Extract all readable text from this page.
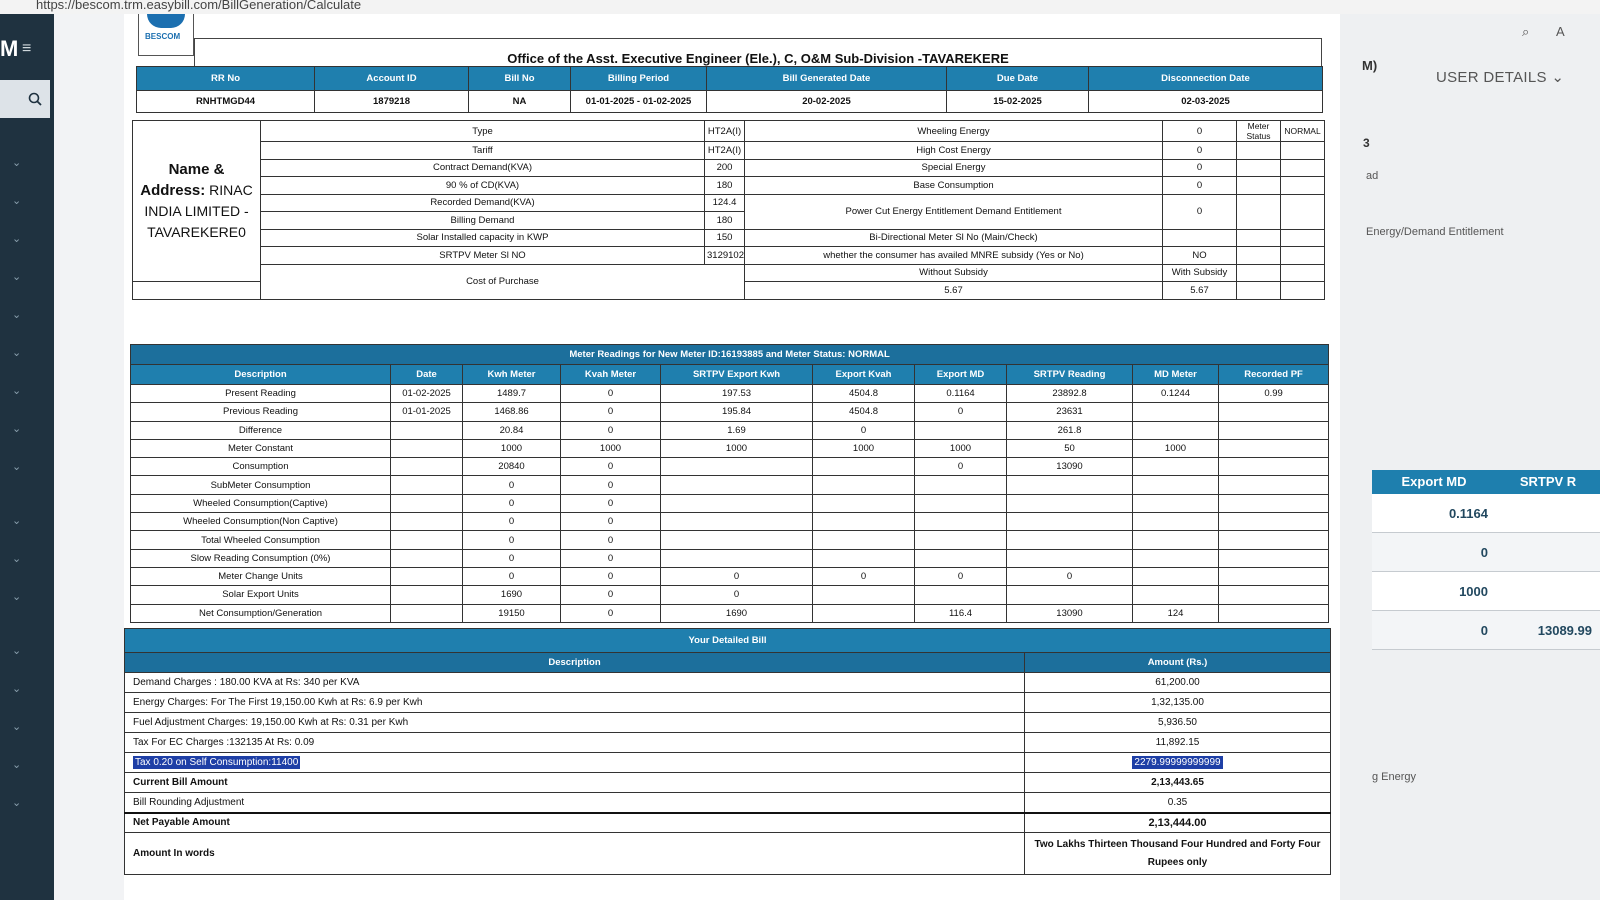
https://bescom.trm.easybill.com/BillGeneration/Calculate
M ≡
⌄
⌄
⌄
⌄
⌄
⌄
⌄
⌄
⌄
⌄
⌄
⌄
⌄
⌄
⌄
⌄
⌄
⌕ A
M)
USER DETAILS ⌄
3
ad
Energy/Demand Entitlement
g Energy
Export MD	SRTPV R
0.1164
0
1000
0	13089.99
BESCOM
Office of the Asst. Executive Engineer (Ele.), C, O&M Sub-Division -TAVAREKERE
RR No	Account ID	Bill No	Billing Period	Bill Generated Date	Due Date	Disconnection Date
RNHTMGD44	1879218	NA	01-01-2025 - 01-02-2025	20-02-2025	15-02-2025	02-03-2025
Name &
Address: RINAC INDIA LIMITED - TAVAREKERE0	Type	HT2A(I)	Wheeling Energy	0	Meter Status	NORMAL
	Tariff	HT2A(I)	High Cost Energy	0		
	Contract Demand(KVA)	200	Special Energy	0		
	90 % of CD(KVA)	180	Base Consumption	0		
	Recorded Demand(KVA)	124.4	Power Cut Energy Entitlement Demand Entitlement	0		
	Billing Demand	180				
	Solar Installed capacity in KWP	150	Bi-Directional Meter Sl No (Main/Check)			
	SRTPV Meter Sl NO	3129102	whether the consumer has availed MNRE subsidy (Yes or No)	NO		
	Cost of Purchase		Without Subsidy	With Subsidy		
			5.67	5.67		
Meter Readings for New Meter ID:16193885 and Meter Status: NORMAL									
Description	Date	Kwh Meter	Kvah Meter	SRTPV Export Kwh	Export Kvah	Export MD	SRTPV Reading	MD Meter	Recorded PF
Present Reading	01-02-2025	1489.7	0	197.53	4504.8	0.1164	23892.8	0.1244	0.99
Previous Reading	01-01-2025	1468.86	0	195.84	4504.8	0	23631		
Difference		20.84	0	1.69	0		261.8		
Meter Constant		1000	1000	1000	1000	1000	50	1000	
Consumption		20840	0			0	13090		
SubMeter Consumption		0	0						
Wheeled Consumption(Captive)		0	0						
Wheeled Consumption(Non Captive)		0	0						
Total Wheeled Consumption		0	0						
Slow Reading Consumption (0%)		0	0						
Meter Change Units		0	0	0	0	0	0		
Solar Export Units		1690	0	0					
Net Consumption/Generation		19150	0	1690		116.4	13090	124	
Your Detailed Bill	
Description	Amount (Rs.)
Demand Charges : 180.00 KVA at Rs: 340 per KVA	61,200.00
Energy Charges: For The First 19,150.00 Kwh at Rs: 6.9 per Kwh	1,32,135.00
Fuel Adjustment Charges: 19,150.00 Kwh at Rs: 0.31 per Kwh	5,936.50
Tax For EC Charges :132135 At Rs: 0.09	11,892.15
Tax 0.20 on Self Consumption:11400	2279.99999999999
Current Bill Amount	2,13,443.65
Bill Rounding Adjustment	0.35
Net Payable Amount	2,13,444.00
Amount In words	Two Lakhs Thirteen Thousand Four Hundred and Forty Four Rupees only
